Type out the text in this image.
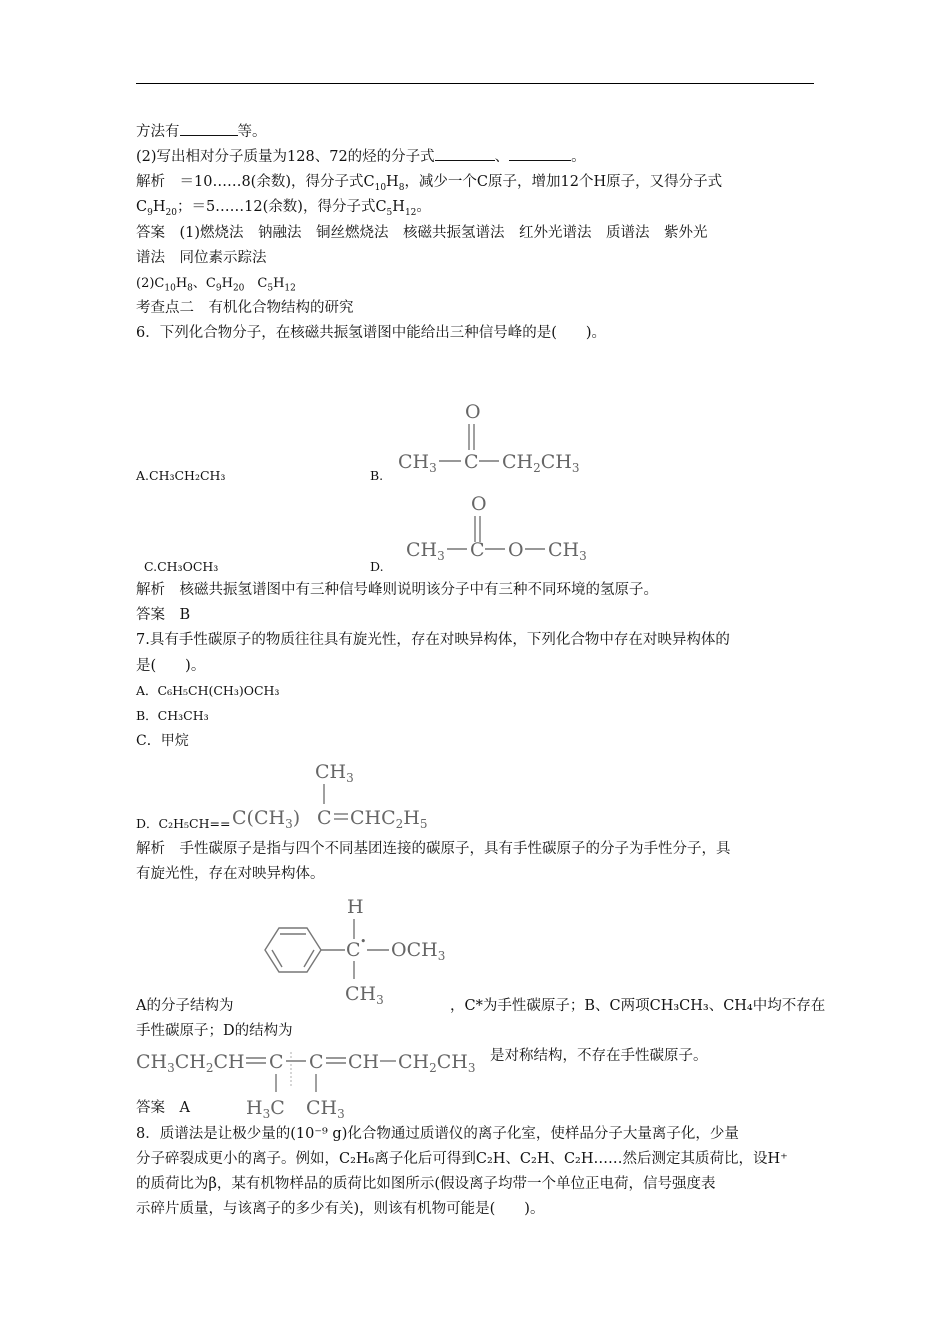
方法有	等。
(2)写出相对分子质量为128、72的烃的分子式	、	。
解析　＝10……8(余数)，得分子式$C_{10}H_8$，减少一个C原子，增加12个H原子，又得分子式
$C_9H_{20}$；＝5……12(余数)，得分子式$C_5H_{12}$。
答案　(1)燃烧法　钠融法　铜丝燃烧法　核磁共振氢谱法　红外光谱法　质谱法　紫外光
谱法　同位素示踪法
$(2)C_{10}H_8$、$C_9H_{20}$　$C_5H_{12}$
考查点二　有机化合物结构的研究
6．下列化合物分子，在核磁共振氢谱图中能给出三种信号峰的是(　　)。
A.CH₃CH₂CH₃	B.
O
$CH_3$ C $CH_2CH_3$
C.CH₃OCH₃	D.
O
$CH_3$ C O $CH_3$
解析　核磁共振氢谱图中有三种信号峰则说明该分子中有三种不同环境的氢原子。
答案　B
7.具有手性碳原子的物质往往具有旋光性，存在对映异构体，下列化合物中存在对映异构体的
是(　　)。
A．C₆H₅CH(CH₃)OCH₃
B．CH₃CH₃
C．甲烷
D．C₂H₅CH==
$CH_3$
$C(CH_3)$ C $CHC_2H_5$
解析　手性碳原子是指与四个不同基团连接的碳原子，具有手性碳原子的分子为手性分子，具
有旋光性，存在对映异构体。
H
C • $OCH_3$
$CH_3$
A的分子结构为	，C*为手性碳原子；B、C两项CH₃CH₃、CH₄中均不存在
手性碳原子；D的结构为
$CH_3CH_2CH$ C C CH $CH_2CH_3$
$H_3C$ $CH_3$
是对称结构，不存在手性碳原子。
答案　A
8．质谱法是让极少量的(10⁻⁹ g)化合物通过质谱仪的离子化室，使样品分子大量离子化，少量
分子碎裂成更小的离子。例如，C₂H₆离子化后可得到C₂H、C₂H、C₂H……然后测定其质荷比，设H⁺
的质荷比为β，某有机物样品的质荷比如图所示(假设离子均带一个单位正电荷，信号强度表
示碎片质量，与该离子的多少有关)，则该有机物可能是(　　)。
